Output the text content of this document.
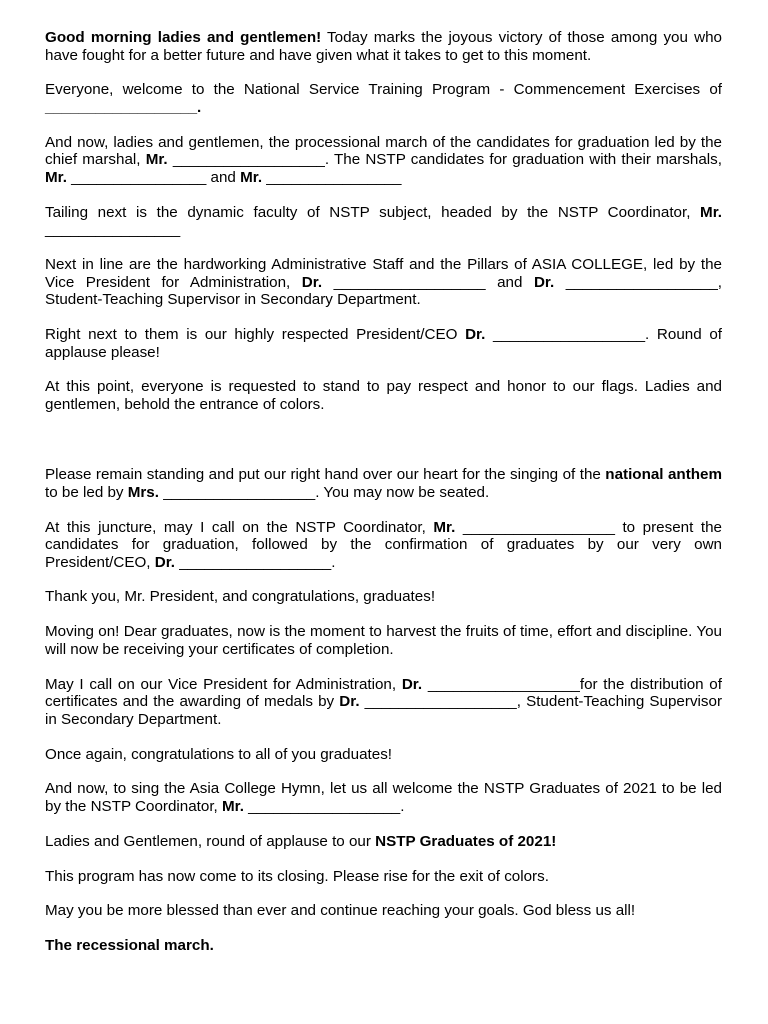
Good morning ladies and gentlemen! Today marks the joyous victory of those among you who have fought for a better future and have given what it takes to get to this moment.

Everyone, welcome to the National Service Training Program - Commencement Exercises of __________________.

And now, ladies and gentlemen, the processional march of the candidates for graduation led by the chief marshal, Mr. __________________. The NSTP candidates for graduation with their marshals, Mr. ________________ and Mr. ________________

Tailing next is the dynamic faculty of NSTP subject, headed by the NSTP Coordinator, Mr. ________________

Next in line are the hardworking Administrative Staff and the Pillars of ASIA COLLEGE, led by the Vice President for Administration, Dr. __________________ and Dr. __________________, Student-Teaching Supervisor in Secondary Department.

Right next to them is our highly respected President/CEO Dr. __________________. Round of applause please!

At this point, everyone is requested to stand to pay respect and honor to our flags. Ladies and gentlemen, behold the entrance of colors.

Please remain standing and put our right hand over our heart for the singing of the national anthem to be led by Mrs. __________________. You may now be seated.

At this juncture, may I call on the NSTP Coordinator, Mr. __________________ to present the candidates for graduation, followed by the confirmation of graduates by our very own President/CEO, Dr. __________________.

Thank you, Mr. President, and congratulations, graduates!

Moving on! Dear graduates, now is the moment to harvest the fruits of time, effort and discipline. You will now be receiving your certificates of completion.

May I call on our Vice President for Administration, Dr. __________________for the distribution of certificates and the awarding of medals by Dr. __________________, Student-Teaching Supervisor in Secondary Department.

Once again, congratulations to all of you graduates!

And now, to sing the Asia College Hymn, let us all welcome the NSTP Graduates of 2021 to be led by the NSTP Coordinator, Mr. __________________.

Ladies and Gentlemen, round of applause to our NSTP Graduates of 2021!

This program has now come to its closing. Please rise for the exit of colors.

May you be more blessed than ever and continue reaching your goals. God bless us all!

The recessional march.
